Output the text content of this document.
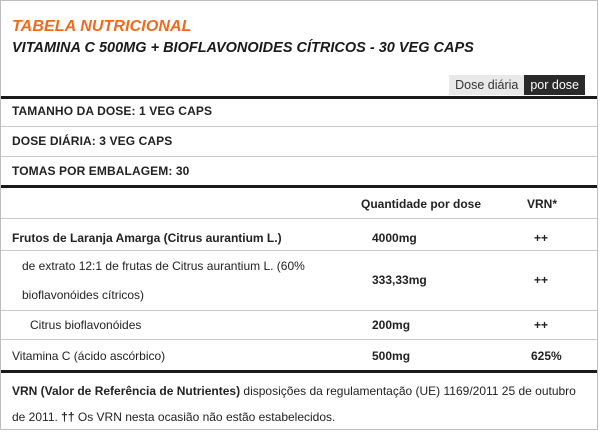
TABELA NUTRICIONAL
VITAMINA C 500MG + BIOFLAVONOIDES CÍTRICOS - 30 VEG CAPS
Dose diária por dose
TAMANHO DA DOSE: 1 VEG CAPS
DOSE DIÁRIA: 3 VEG CAPS
TOMAS POR EMBALAGEM: 30
Quantidade por dose	VRN*
Frutos de Laranja Amarga (Citrus aurantium L.)	4000mg	++
de extrato 12:1 de frutas de Citrus aurantium L. (60%
bioflavonóides cítricos)
333,33mg	++
Citrus bioflavonóides	200mg	++
Vitamina C (ácido ascórbico)	500mg	625%
VRN (Valor de Referência de Nutrientes) disposições da regulamentação (UE) 1169/2011 25 de outubro de 2011. †† Os VRN nesta ocasião não estão estabelecidos.
